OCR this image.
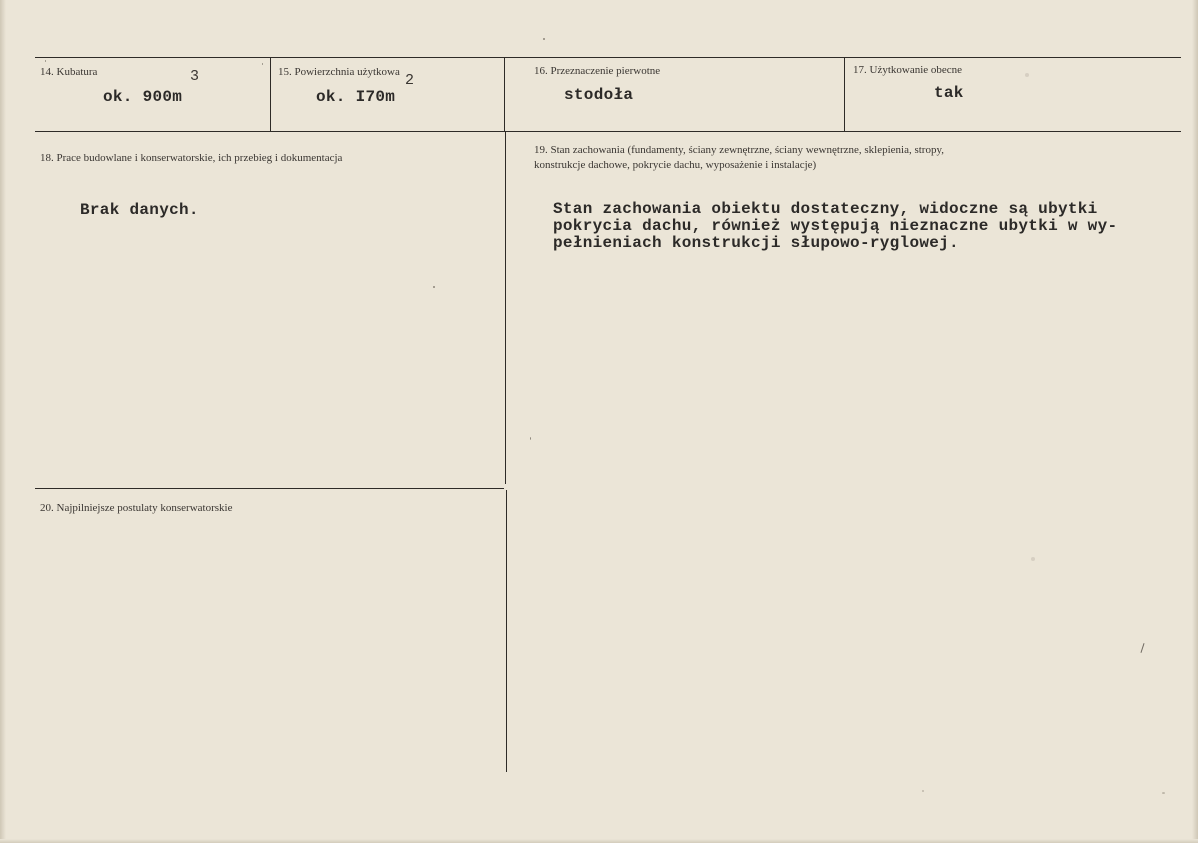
14. Kubatura	3
ok. 900m
15. Powierzchnia użytkowa 2
ok. I70m
16. Przeznaczenie pierwotne
stodoła
17. Użytkowanie obecne
tak
18. Prace budowlane i konserwatorskie, ich przebieg i dokumentacja
Brak danych.
19. Stan zachowania (fundamenty, ściany zewnętrzne, ściany wewnętrzne, sklepienia, stropy,
konstrukcje dachowe, pokrycie dachu, wyposażenie i instalacje)
Stan zachowania obiektu dostateczny, widoczne są ubytki
pokrycia dachu, również występują nieznaczne ubytki w wy-
pełnieniach konstrukcji słupowo-ryglowej.
20. Najpilniejsze postulaty konserwatorskie
